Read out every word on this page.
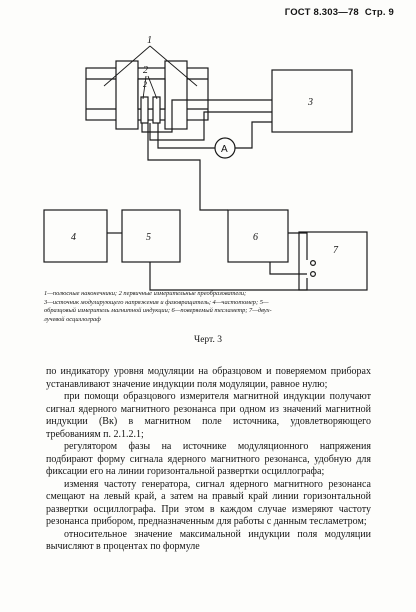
ГОСТ 8.303—78 Стр. 9
1
2
2
3
4	5	6
7
A
1—полюсные наконечники; 2 первичные измерительные преобразователи;
3—источник модулирующего напряжения и фазовращатель; 4—частотомер; 5—
образцовый измеритель магнитной индукции; 6—поверяемый тесламетр; 7—двух-
лучевой осциллограф
Черт. 3

по индикатору уровня модуляции на образцовом и поверяемом приборах устанавливают значение индукции поля модуляции, равное нулю;

при помощи образцового измерителя магнитной индукции получают сигнал ядерного магнитного резонанса при одном из значений магнитной индукции (Bк) в магнитном поле источника, удовлетворяющего требованиям п. 2.1.2.1;

регулятором фазы на источнике модуляционного напряжения подбирают форму сигнала ядерного магнитного резонанса, удобную для фиксации его на линии горизонтальной развертки осциллографа;

изменяя частоту генератора, сигнал ядерного магнитного резонанса смещают на левый край, а затем на правый край линии горизонтальной развертки осциллографа. При этом в каждом случае измеряют частоту резонанса прибором, предназначенным для работы с данным тесламетром;

относительное значение максимальной индукции поля модуляции вычисляют в процентах по формуле
